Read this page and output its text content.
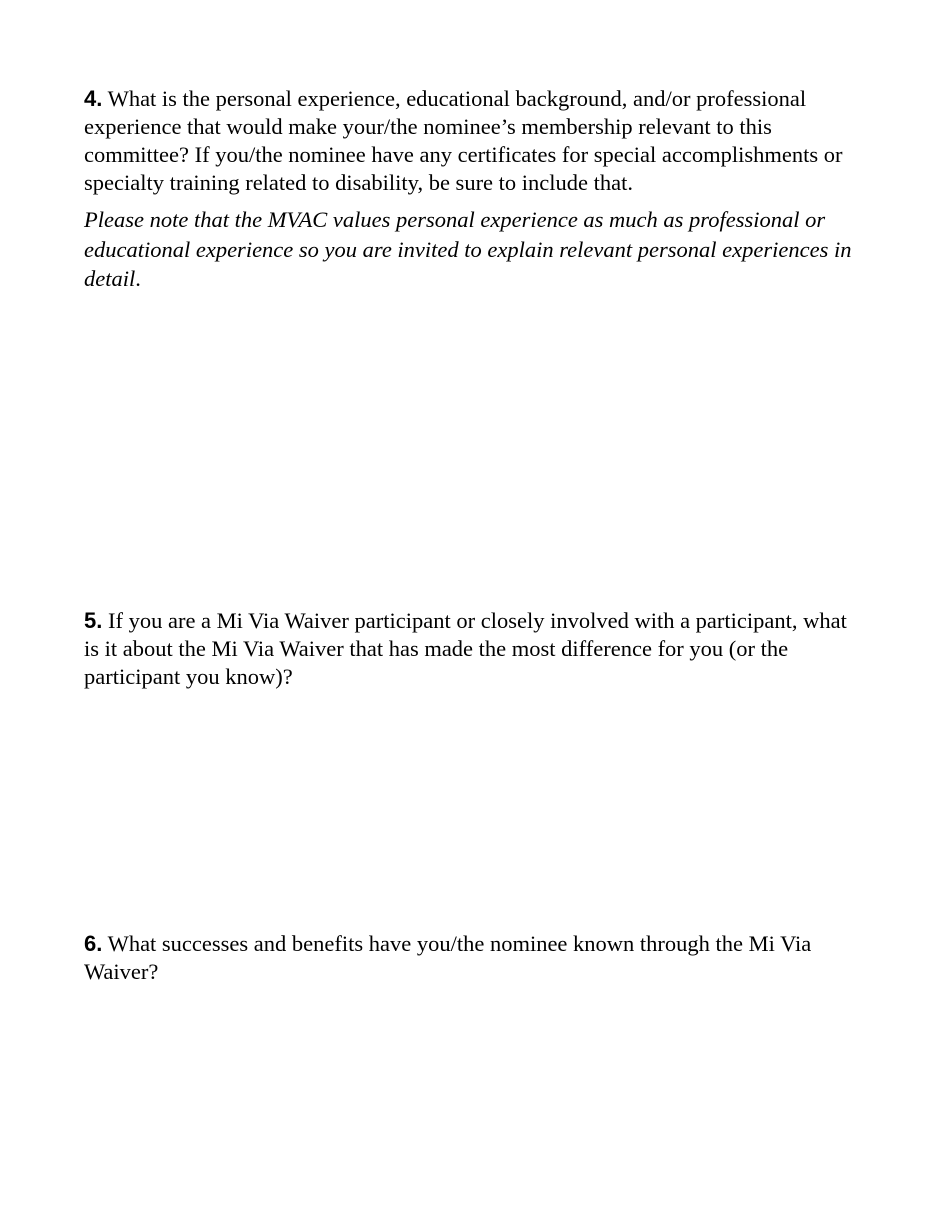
4. What is the personal experience, educational background, and/or professional experience that would make your/the nominee’s membership relevant to this committee? If you/the nominee have any certificates for special accomplishments or specialty training related to disability, be sure to include that.

Please note that the MVAC values personal experience as much as professional or educational experience so you are invited to explain relevant personal experiences in detail.

5. If you are a Mi Via Waiver participant or closely involved with a participant, what is it about the Mi Via Waiver that has made the most difference for you (or the participant you know)?

6. What successes and benefits have you/the nominee known through the Mi Via Waiver?
